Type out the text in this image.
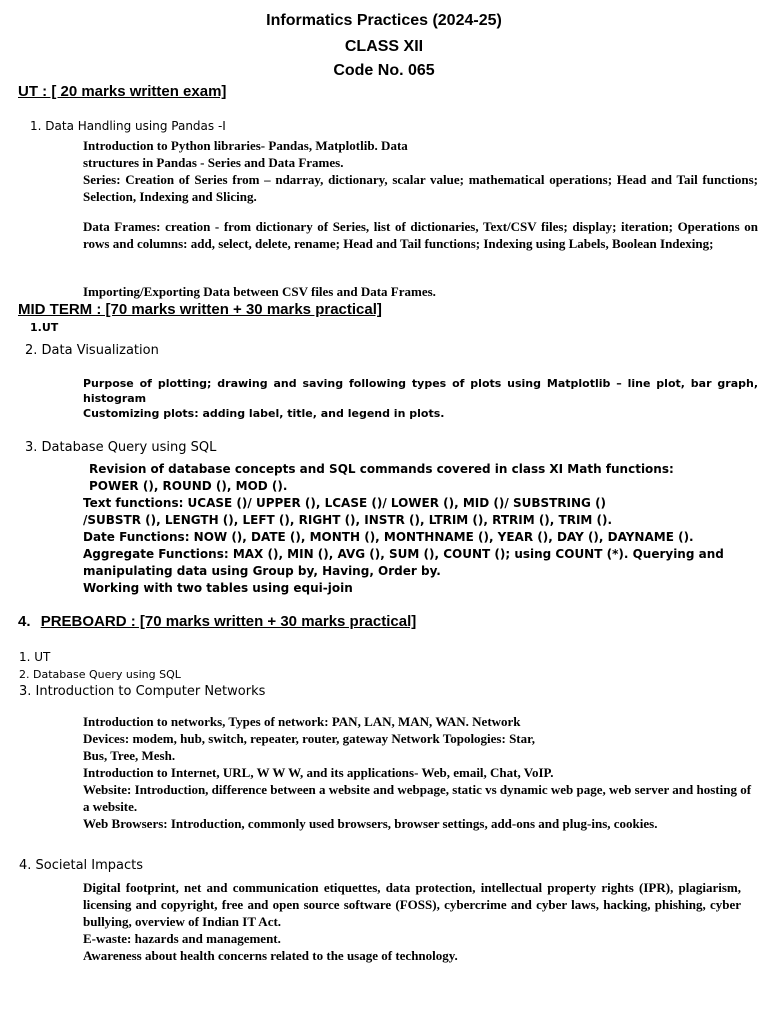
Informatics Practices (2024-25)
CLASS XII
Code No. 065
UT : [ 20 marks written exam]
1. Data Handling using Pandas -I

Introduction to Python libraries- Pandas, Matplotlib. Data

structures in Pandas - Series and Data Frames.

Series: Creation of Series from – ndarray, dictionary, scalar value; mathematical operations; Head and Tail functions; Selection, Indexing and Slicing.

Data Frames: creation - from dictionary of Series, list of dictionaries, Text/CSV files; display; iteration; Operations on rows and columns: add, select, delete, rename; Head and Tail functions; Indexing using Labels, Boolean Indexing;
Importing/Exporting Data between CSV files and Data Frames.
MID TERM : [70 marks written + 30 marks practical]
1.UT
2. Data Visualization

Purpose of plotting; drawing and saving following types of plots using Matplotlib – line plot, bar graph, histogram

Customizing plots: adding label, title, and legend in plots.

3. Database Query using SQL

Revision of database concepts and SQL commands covered in class XI Math functions:

POWER (), ROUND (), MOD ().

Text functions: UCASE ()/ UPPER (), LCASE ()/ LOWER (), MID ()/ SUBSTRING ()

/SUBSTR (), LENGTH (), LEFT (), RIGHT (), INSTR (), LTRIM (), RTRIM (), TRIM ().

Date Functions: NOW (), DATE (), MONTH (), MONTHNAME (), YEAR (), DAY (), DAYNAME ().

Aggregate Functions: MAX (), MIN (), AVG (), SUM (), COUNT (); using COUNT (*). Querying and manipulating data using Group by, Having, Order by.

Working with two tables using equi-join

4. PREBOARD : [70 marks written + 30 marks practical]
1. UT
2. Database Query using SQL
3. Introduction to Computer Networks

Introduction to networks, Types of network: PAN, LAN, MAN, WAN. Network

Devices: modem, hub, switch, repeater, router, gateway Network Topologies: Star,

Bus, Tree, Mesh.

Introduction to Internet, URL, W W W, and its applications- Web, email, Chat, VoIP.

Website: Introduction, difference between a website and webpage, static vs dynamic web page, web server and hosting of a website.

Web Browsers: Introduction, commonly used browsers, browser settings, add-ons and plug-ins, cookies.

4. Societal Impacts

Digital footprint, net and communication etiquettes, data protection, intellectual property rights (IPR), plagiarism, licensing and copyright, free and open source software (FOSS), cybercrime and cyber laws, hacking, phishing, cyber bullying, overview of Indian IT Act.

E-waste: hazards and management.

Awareness about health concerns related to the usage of technology.
